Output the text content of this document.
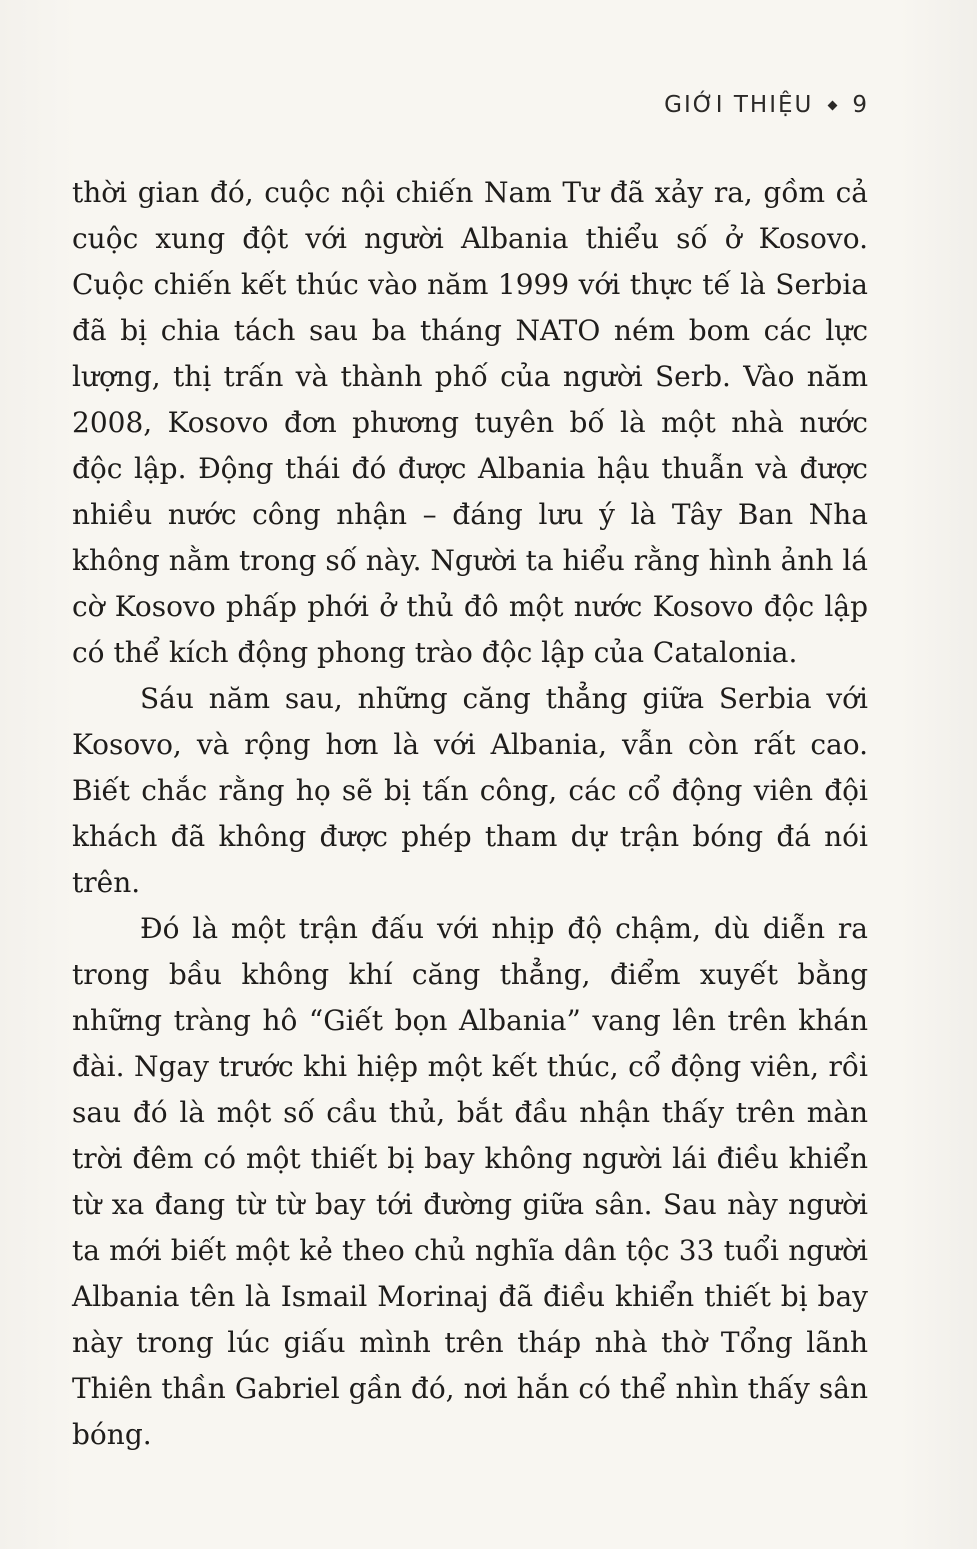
GIỚI THIỆU 9

thời gian đó, cuộc nội chiến Nam Tư đã xảy ra, gồm cả cuộc xung đột với người Albania thiểu số ở Kosovo. Cuộc chiến kết thúc vào năm 1999 với thực tế là Serbia đã bị chia tách sau ba tháng NATO ném bom các lực lượng, thị trấn và thành phố của người Serb. Vào năm 2008, Kosovo đơn phương tuyên bố là một nhà nước độc lập. Động thái đó được Albania hậu thuẫn và được nhiều nước công nhận – đáng lưu ý là Tây Ban Nha không nằm trong số này. Người ta hiểu rằng hình ảnh lá cờ Kosovo phấp phới ở thủ đô một nước Kosovo độc lập có thể kích động phong trào độc lập của Catalonia.

Sáu năm sau, những căng thẳng giữa Serbia với Kosovo, và rộng hơn là với Albania, vẫn còn rất cao. Biết chắc rằng họ sẽ bị tấn công, các cổ động viên đội khách đã không được phép tham dự trận bóng đá nói trên.

Đó là một trận đấu với nhịp độ chậm, dù diễn ra trong bầu không khí căng thẳng, điểm xuyết bằng những tràng hô “Giết bọn Albania” vang lên trên khán đài. Ngay trước khi hiệp một kết thúc, cổ động viên, rồi sau đó là một số cầu thủ, bắt đầu nhận thấy trên màn trời đêm có một thiết bị bay không người lái điều khiển từ xa đang từ từ bay tới đường giữa sân. Sau này người ta mới biết một kẻ theo chủ nghĩa dân tộc 33 tuổi người Albania tên là Ismail Morinaj đã điều khiển thiết bị bay này trong lúc giấu mình trên tháp nhà thờ Tổng lãnh Thiên thần Gabriel gần đó, nơi hắn có thể nhìn thấy sân bóng.
